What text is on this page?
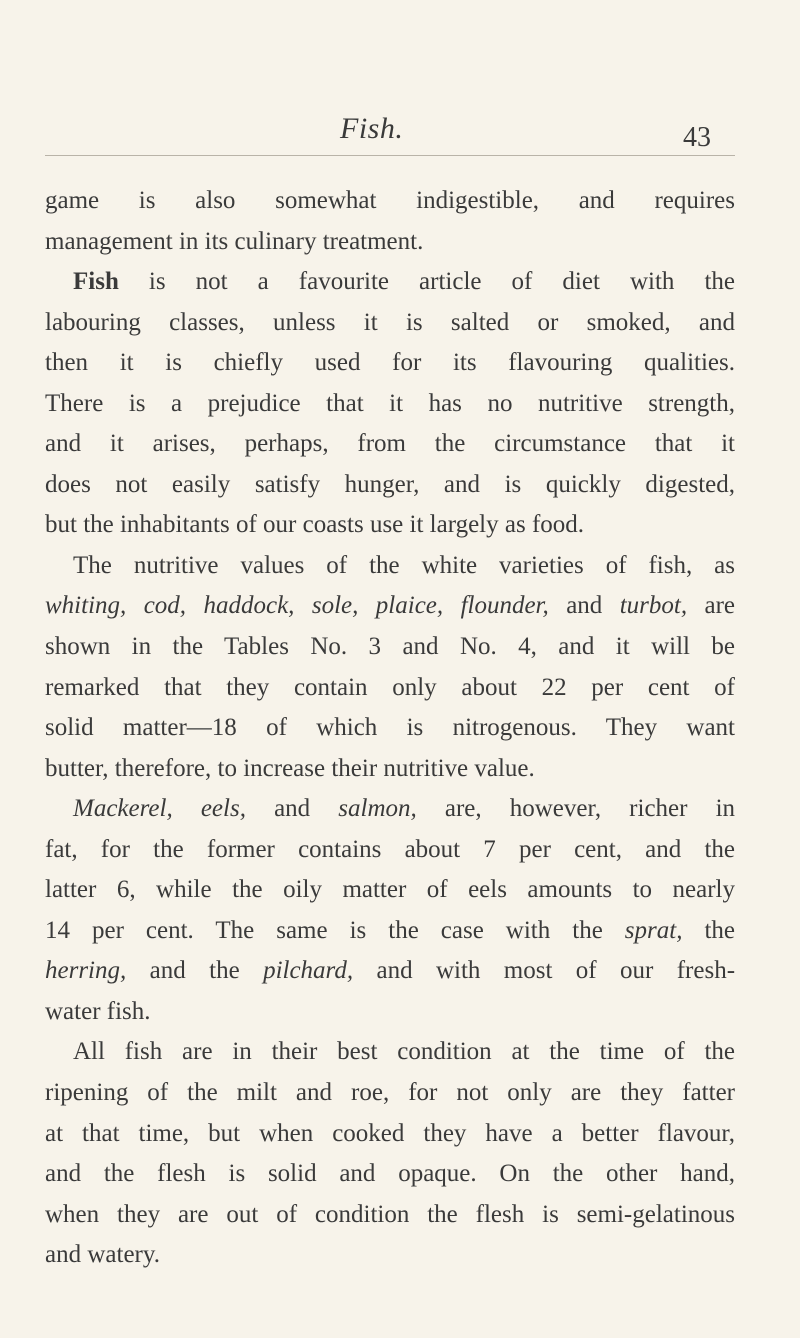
Fish.	43
game is also somewhat indigestible, and requires
management in its culinary treatment.
Fish is not a favourite article of diet with the
labouring classes, unless it is salted or smoked, and
then it is chiefly used for its flavouring qualities.
There is a prejudice that it has no nutritive strength,
and it arises, perhaps, from the circumstance that it
does not easily satisfy hunger, and is quickly digested,
but the inhabitants of our coasts use it largely as food.
The nutritive values of the white varieties of fish, as
whiting, cod, haddock, sole, plaice, flounder, and turbot, are
shown in the Tables No. 3 and No. 4, and it will be
remarked that they contain only about 22 per cent of
solid matter—18 of which is nitrogenous. They want
butter, therefore, to increase their nutritive value.
Mackerel, eels, and salmon, are, however, richer in
fat, for the former contains about 7 per cent, and the
latter 6, while the oily matter of eels amounts to nearly
14 per cent. The same is the case with the sprat, the
herring, and the pilchard, and with most of our fresh-
water fish.
All fish are in their best condition at the time of the
ripening of the milt and roe, for not only are they fatter
at that time, but when cooked they have a better flavour,
and the flesh is solid and opaque. On the other hand,
when they are out of condition the flesh is semi-gelatinous
and watery.
